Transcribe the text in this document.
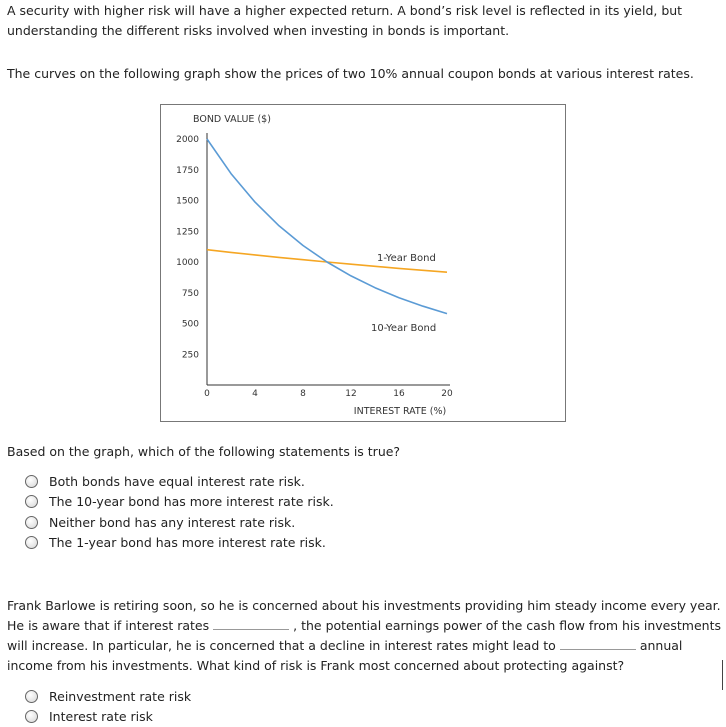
A security with higher risk will have a higher expected return. A bond’s risk level is reflected in its yield, but understanding the different risks involved when investing in bonds is important.

The curves on the following graph show the prices of two 10% annual coupon bonds at various interest rates.

BOND VALUE ($)
INTEREST RATE (%)
2000
1750
1500
1250
1000
750
500
250
0	4	8	12	16	20
1-Year Bond
10-Year Bond

Based on the graph, which of the following statements is true?

Both bonds have equal interest rate risk.
The 10-year bond has more interest rate risk.
Neither bond has any interest rate risk.
The 1-year bond has more interest rate risk.

Frank Barlowe is retiring soon, so he is concerned about his investments providing him steady income every year. He is aware that if interest rates	, the potential earnings power of the cash flow from his investments will increase. In particular, he is concerned that a decline in interest rates might lead to	annual income from his investments. What kind of risk is Frank most concerned about protecting against?

Reinvestment rate risk
Interest rate risk
